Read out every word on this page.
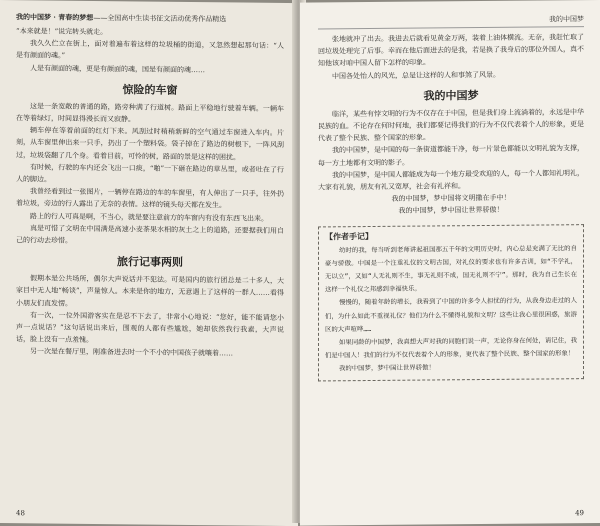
我的中国梦 · 青春的梦想——全国高中生读书征文活动优秀作品精选

“本来就是！”说完转头就走。

我久久伫立在街上，面对着遍布着这样的垃圾桶的街道，又忽然想起那句话：“人是有颜面的魂。”

人是有颜面的魂，更是有颜面的魂，国是有颜面的魂……

惊险的车窗

这是一条宽敞的普通的路，路旁种满了行道树。路面上平稳地行驶着车辆。一辆车在等着绿灯，时间显得漫长而又寂静。

辆车停在等着前面的红灯下来。风刮过时稍稍新鲜的空气通过车窗进入车内。片刻，从车窗里伸出来一只手，扔出了一个塑料袋。袋子掉在了路边的树根下，一阵风刮过，垃圾袋翻了几个身。看着目前，可怜的树，路面的景是这样的困扰。

有时候，行驶的车内还会飞出一口痰，“啪”一下砸在路边的草丛里，或者吐在了行人的脚边。

我曾经看到过一张图片，一辆停在路边的车的车窗里，有人伸出了一只手，往外扔着垃圾，旁边的行人露出了无奈的表情。这样的镜头每天都在发生。

路上的行人可真是啊，不当心，就是要注意前方的车窗内有没有东西飞出来。

真是可惜了文明在中国满是高速小麦茶果水相的灰土之上的道路，还要据我们用自己的行动去珍惜。

旅行记事两则

假期本是公共场所，偶尔大声说话并不犯法。可是国内的旅行团总是二十多人，大家目中无人地“畅谈”，声量惊人。本来是你的地方，无意遇上了这样的一群人……看得小朋友们直发愣。

有一次，一位外国游客实在是忍不下去了，非常小心地说：“您好，能不能请您小声一点说话？”这句话说出来后，围观的人都有些尴尬，她却依然我行我素，大声说话，脸上没有一点羞愧。

另一次是在餐厅里，刚准备进去时一个不小的中国孩子就嚷着……

48
我的中国梦

张地就冲了出去。我进去后就看见黄金万两，装着上油体横流。无奈，我赶忙取了回垃圾处理完了后事。幸而在他后面进去的是我，若是换了我身后的那位外国人，真不知他该对咱中国人留下怎样的印象。

中国各处怡人的风光，总是让这样的人和事煞了风景。

我的中国梦

临洋，某些有悖文明的行为不仅存在于中国，但是我们身上流淌着的，永远是中华民族的血。不论存在何时何地，我们都要记得我们的行为不仅代表着个人的形象，更是代表了整个民族、整个国家的形象。

我的中国梦，是中国的每一条街道都能干净，每一片景色都能以文明礼貌为支撑，每一方土地都有文明的影子。

我的中国梦，是中国人都能成为每一个地方最受欢迎的人，每一个人都知礼明礼，大家有礼貌，朋友有礼又宽厚，社会有礼祥和。

我的中国梦，梦中国将文明撒在手中！
我的中国梦，梦中国让世界骄傲！
【作者手记】

幼时的我，每当听到老师讲起祖国那五千年的文明历史时，内心总是充满了无比的自豪与骄傲。中国是一个注重礼仪的文明古国，对礼仪的要求也有许多古训，如“不学礼，无以立”，又如“人无礼则不生，事无礼则不成，国无礼则不宁”。那时，我为自己生长在这样一个礼仪之邦感到幸福快乐。

慢慢的，随着年龄的增长，我看到了中国的许多令人担忧的行为，从我身边走过的人们，为什么如此不重视礼仪？他们为什么不懂得礼貌和文明？这些让我心里很困惑，旅游区的大声喧哗……

如果同龄的中国梦，我真想大声对我的同胞们说一声，无论你身在何处，请记住，我们是中国人！我们的行为不仅代表着个人的形象，更代表了整个民族、整个国家的形象！

我的中国梦，梦中国让世界骄傲！

49
